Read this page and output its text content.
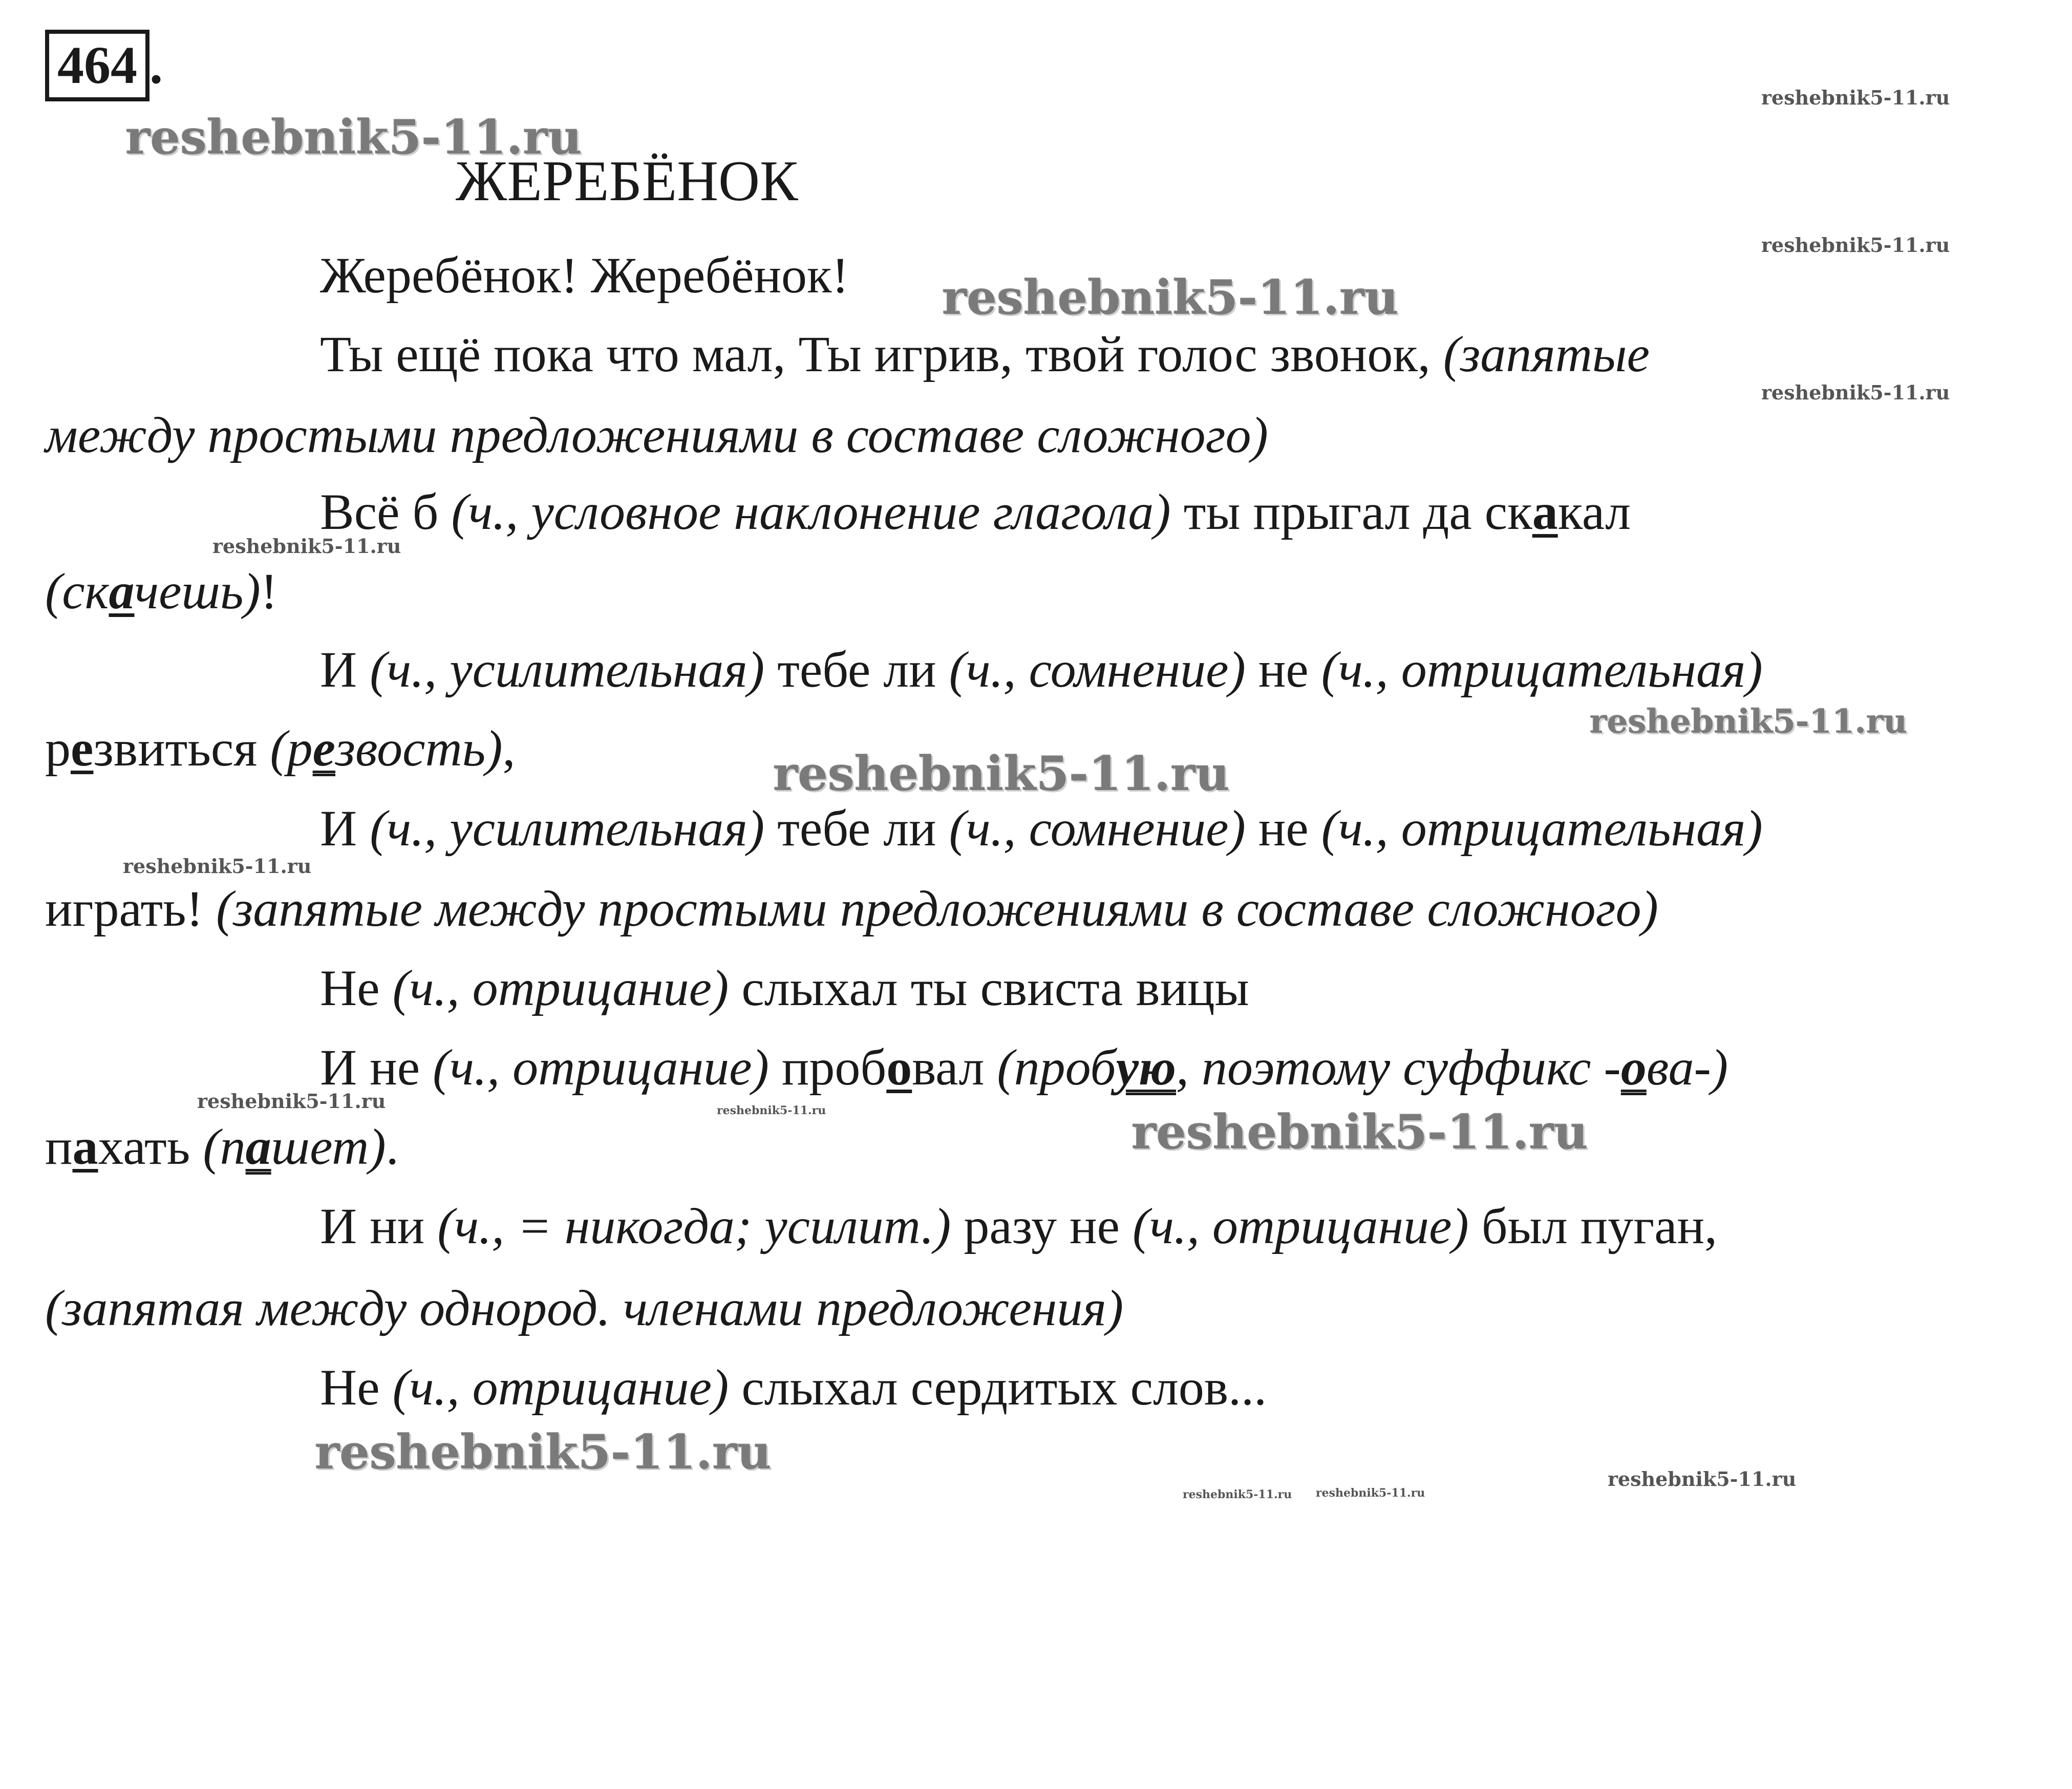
464 .
ЖЕРЕБЁНОК
Жеребёнок! Жеребёнок!
Ты ещё пока что мал, Ты игрив, твой голос звонок, (запятые
между простыми предложениями в составе сложного)
Всё б (ч., условное наклонение глагола) ты прыгал да скакал
(скачешь)!
И (ч., усилительная) тебе ли (ч., сомнение) не (ч., отрицательная)
резвиться (резвость),
И (ч., усилительная) тебе ли (ч., сомнение) не (ч., отрицательная)
играть! (запятые между простыми предложениями в составе сложного)
Не (ч., отрицание) слыхал ты свиста вицы
И не (ч., отрицание) пробовал (пробую, поэтому суффикс -ова-)
пахать (пашет).
И ни (ч., = никогда; усилит.) разу не (ч., отрицание) был пуган,
(запятая между однород. членами предложения)
Не (ч., отрицание) слыхал сердитых слов...
reshebnik5-11.ru
reshebnik5-11.ru
reshebnik5-11.ru
reshebnik5-11.ru
reshebnik5-11.ru
reshebnik5-11.ru
reshebnik5-11.ru
reshebnik5-11.ru
reshebnik5-11.ru
reshebnik5-11.ru	reshebnik5-11.ru	reshebnik5-11.ru
reshebnik5-11.ru	reshebnik5-11.ru
reshebnik5-11.ru reshebnik5-11.ru
